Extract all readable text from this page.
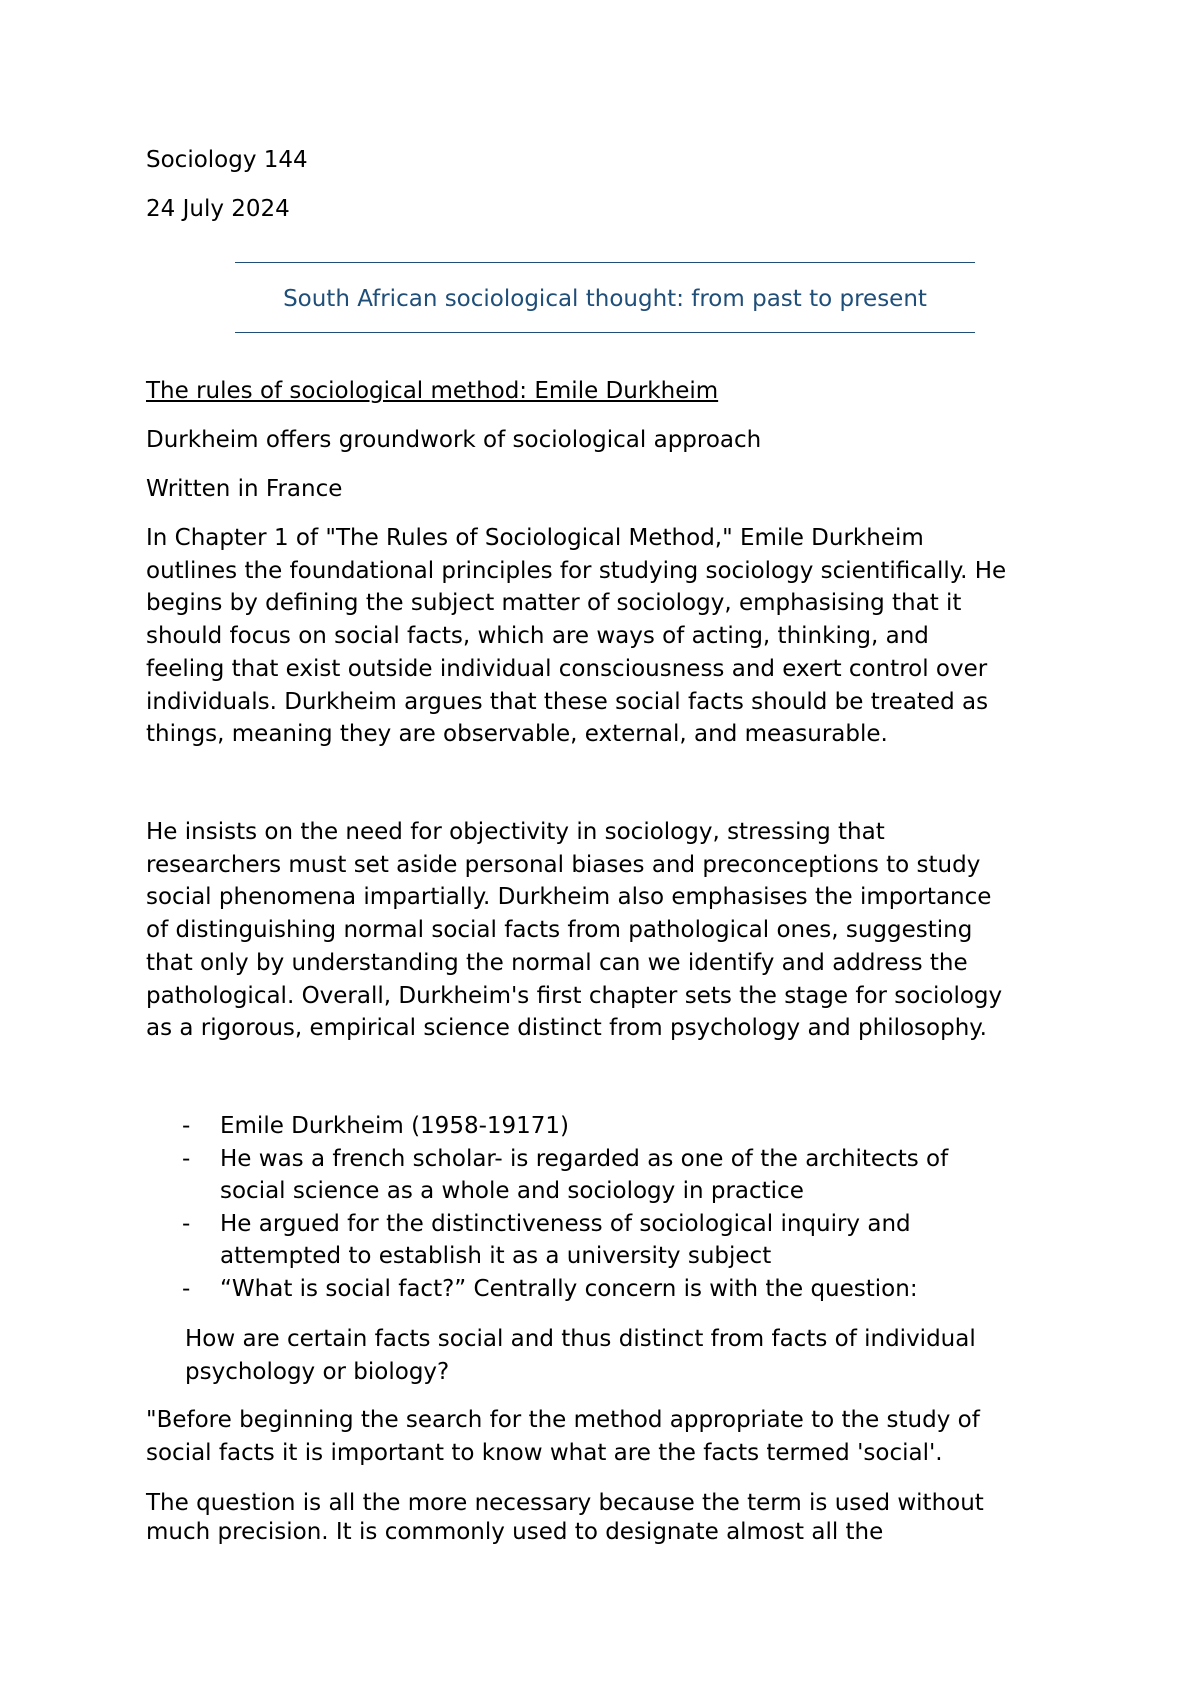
Sociology 144
24 July 2024
South African sociological thought: from past to present
The rules of sociological method: Emile Durkheim
Durkheim offers groundwork of sociological approach
Written in France
In Chapter 1 of "The Rules of Sociological Method," Emile Durkheim
outlines the foundational principles for studying sociology scientifically. He
begins by defining the subject matter of sociology, emphasising that it
should focus on social facts, which are ways of acting, thinking, and
feeling that exist outside individual consciousness and exert control over
individuals. Durkheim argues that these social facts should be treated as
things, meaning they are observable, external, and measurable.
He insists on the need for objectivity in sociology, stressing that
researchers must set aside personal biases and preconceptions to study
social phenomena impartially. Durkheim also emphasises the importance
of distinguishing normal social facts from pathological ones, suggesting
that only by understanding the normal can we identify and address the
pathological. Overall, Durkheim's first chapter sets the stage for sociology
as a rigorous, empirical science distinct from psychology and philosophy.
- Emile Durkheim (1958-19171)
- He was a french scholar- is regarded as one of the architects of
social science as a whole and sociology in practice
- He argued for the distinctiveness of sociological inquiry and
attempted to establish it as a university subject
- “What is social fact?” Centrally concern is with the question:
How are certain facts social and thus distinct from facts of individual
psychology or biology?
"Before beginning the search for the method appropriate to the study of
social facts it is important to know what are the facts termed 'social'.
The question is all the more necessary because the term is used without
much precision. It is commonly used to designate almost all the
